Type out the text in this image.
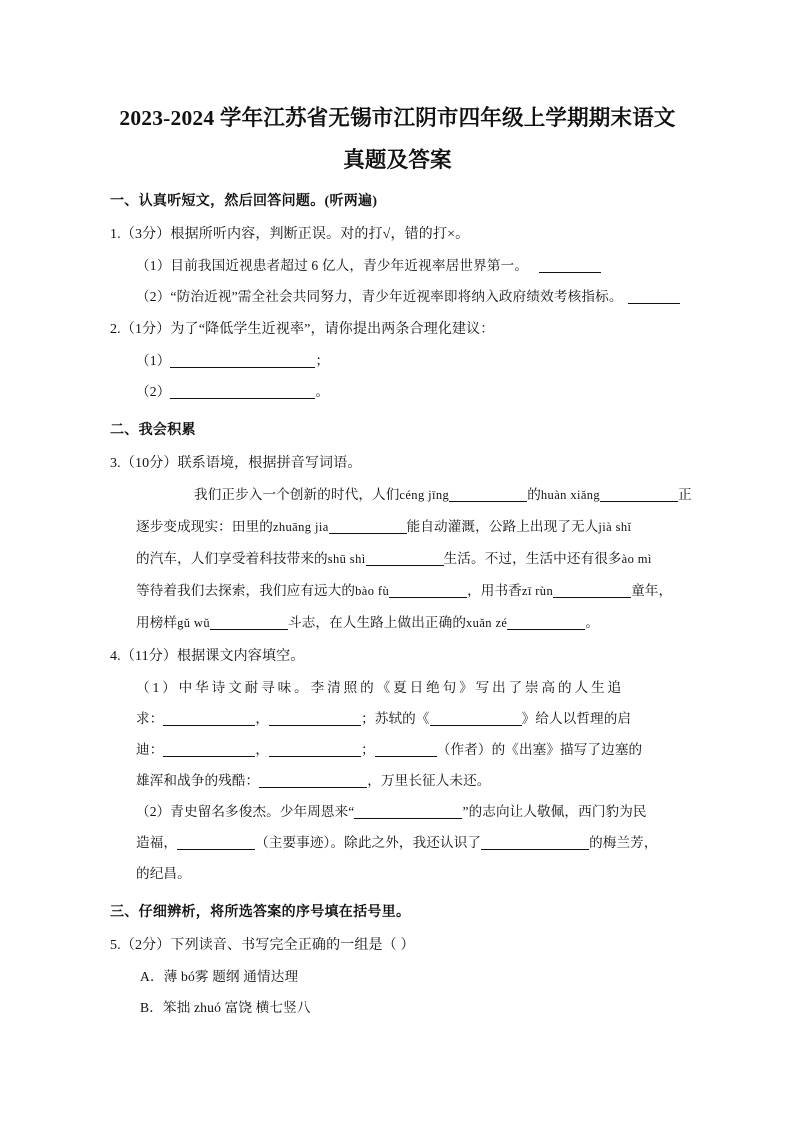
2023-2024 学年江苏省无锡市江阴市四年级上学期期末语文
真题及答案
一、认真听短文，然后回答问题。(听两遍)

1.（3分）根据所听内容，判断正误。对的打√，错的打×。

（1）目前我国近视患者超过 6 亿人，青少年近视率居世界第一。

（2）“防治近视”需全社会共同努力，青少年近视率即将纳入政府绩效考核指标。

2.（1分）为了“降低学生近视率”，请你提出两条合理化建议：

（1）	；

（2）	。

二、我会积累

3.（10分）联系语境，根据拼音写词语。

我们正步入一个创新的时代，人们céng jīng	的huàn xiǎng	正

逐步变成现实：田里的zhuāng jia	能自动灌溉，公路上出现了无人jià shǐ

的汽车，人们享受着科技带来的shū shì	生活。不过，生活中还有很多ào mì

等待着我们去探索，我们应有远大的bào fù	，用书香zī rùn	童年，

用榜样gǔ wǔ	斗志，在人生路上做出正确的xuǎn zé	。

4.（11分）根据课文内容填空。

（1）中华诗文耐寻味。李清照的《夏日绝句》写出了崇高的人生追

求：	，	；苏轼的《	》给人以哲理的启

迪：	，	；	（作者）的《出塞》描写了边塞的

雄浑和战争的残酷：	，万里长征人未还。

（2）青史留名多俊杰。少年周恩来“	”的志向让人敬佩，西门豹为民

造福，	（主要事迹）。除此之外，我还认识了	的梅兰芳，

的纪昌。

三、仔细辨析，将所选答案的序号填在括号里。

5.（2分）下列读音、书写完全正确的一组是（ ）

A．薄 bó雾 题纲 通情达理

B．笨拙 zhuó 富饶 横七竖八
